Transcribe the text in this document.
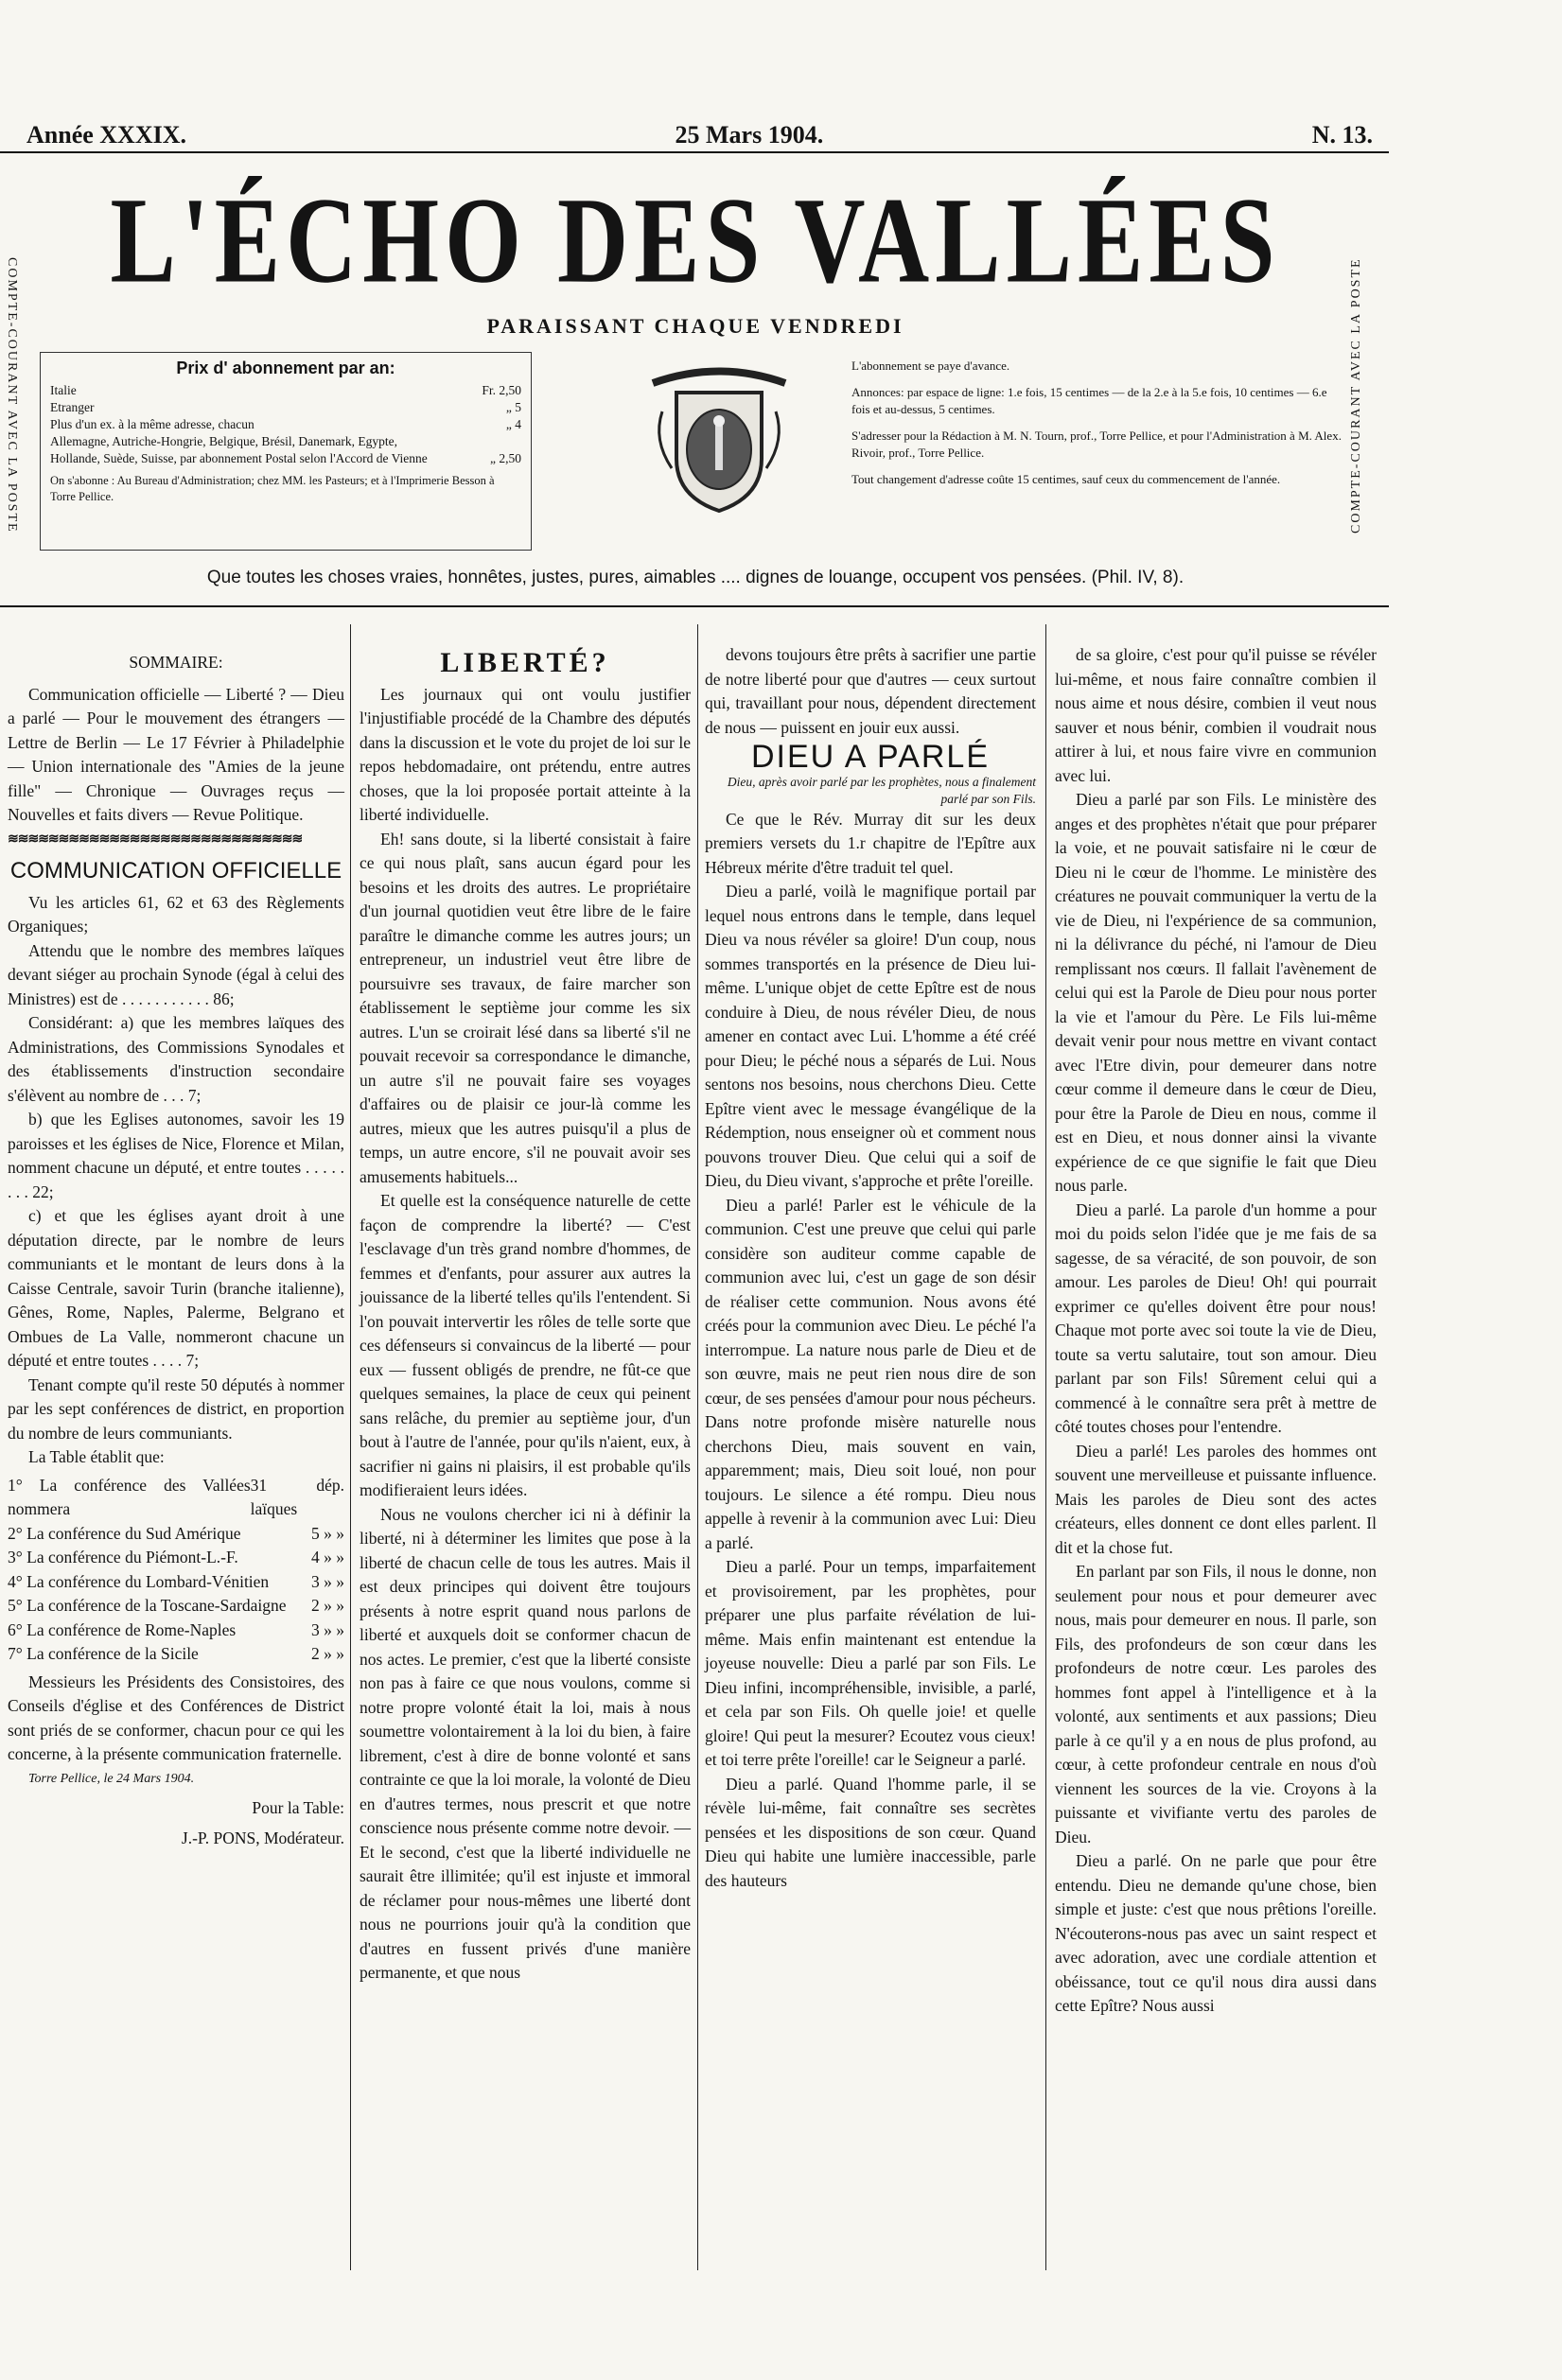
Année XXXIX.	25 Mars 1904.	N. 13.
COMPTE-COURANT AVEC LA POSTE	COMPTE-COURANT AVEC LA POSTE
L'ÉCHO DES VALLÉES
PARAISSANT CHAQUE VENDREDI
Prix d' abonnement par an:
Italie	Fr. 2,50
Etranger	„ 5
Plus d'un ex. à la même adresse, chacun	„ 4
Allemagne, Autriche-Hongrie, Belgique, Brésil, Danemark, Egypte, Hollande, Suède, Suisse, par abonnement Postal selon l'Accord de Vienne	„ 2,50
On s'abonne : Au Bureau d'Administration; chez MM. les Pasteurs; et à l'Imprimerie Besson à Torre Pellice.

L'abonnement se paye d'avance.

Annonces: par espace de ligne: 1.e fois, 15 centimes — de la 2.e à la 5.e fois, 10 centimes — 6.e fois et au-dessus, 5 centimes.

S'adresser pour la Rédaction à M. N. Tourn, prof., Torre Pellice, et pour l'Administration à M. Alex. Rivoir, prof., Torre Pellice.

Tout changement d'adresse coûte 15 centimes, sauf ceux du commencement de l'année.

Que toutes les choses vraies, honnêtes, justes, pures, aimables .... dignes de louange, occupent vos pensées. (Phil. IV, 8).
SOMMAIRE:

Communication officielle — Liberté ? — Dieu a parlé — Pour le mouvement des étrangers — Lettre de Berlin — Le 17 Février à Philadelphie — Union internationale des "Amies de la jeune fille" — Chronique — Ouvrages reçus — Nouvelles et faits divers — Revue Politique.

≋≋≋≋≋≋≋≋≋≋≋≋≋≋≋≋≋≋≋≋≋≋≋≋≋≋≋≋≋
COMMUNICATION OFFICIELLE

Vu les articles 61, 62 et 63 des Règlements Organiques;

Attendu que le nombre des membres laïques devant siéger au prochain Synode (égal à celui des Ministres) est de . . . . . . . . . . . 86;

Considérant: a) que les membres laïques des Administrations, des Commissions Synodales et des établissements d'instruction secondaire s'élèvent au nombre de . . . 7;

b) que les Eglises autonomes, savoir les 19 paroisses et les églises de Nice, Florence et Milan, nomment chacune un député, et entre toutes . . . . . . . . 22;

c) et que les églises ayant droit à une députation directe, par le nombre de leurs communiants et le montant de leurs dons à la Caisse Centrale, savoir Turin (branche italienne), Gênes, Rome, Naples, Palerme, Belgrano et Ombues de La Valle, nommeront chacune un député et entre toutes . . . . 7;

Tenant compte qu'il reste 50 députés à nommer par les sept conférences de district, en proportion du nombre de leurs communiants.

La Table établit que:

1° La conférence des Vallées nommera
31 dép. laïques
2° La conférence du Sud Amérique	5 » »
3° La conférence du Piémont-L.-F.	4 » »
4° La conférence du Lombard-Vénitien	3 » »
5° La conférence de la Toscane-Sardaigne 2 » »
6° La conférence de Rome-Naples	3 » »
7° La conférence de la Sicile	2 » »

Messieurs les Présidents des Consistoires, des Conseils d'église et des Conférences de District sont priés de se conformer, chacun pour ce qui les concerne, à la présente communication fraternelle.

Torre Pellice, le 24 Mars 1904.

Pour la Table:
J.-P. PONS, Modérateur.
LIBERTÉ?

Les journaux qui ont voulu justifier l'injustifiable procédé de la Chambre des députés dans la discussion et le vote du projet de loi sur le repos hebdomadaire, ont prétendu, entre autres choses, que la loi proposée portait atteinte à la liberté individuelle.

Eh! sans doute, si la liberté consistait à faire ce qui nous plaît, sans aucun égard pour les besoins et les droits des autres. Le propriétaire d'un journal quotidien veut être libre de le faire paraître le dimanche comme les autres jours; un entrepreneur, un industriel veut être libre de poursuivre ses travaux, de faire marcher son établissement le septième jour comme les six autres. L'un se croirait lésé dans sa liberté s'il ne pouvait recevoir sa correspondance le dimanche, un autre s'il ne pouvait faire ses voyages d'affaires ou de plaisir ce jour-là comme les autres, mieux que les autres puisqu'il a plus de temps, un autre encore, s'il ne pouvait avoir ses amusements habituels...

Et quelle est la conséquence naturelle de cette façon de comprendre la liberté? — C'est l'esclavage d'un très grand nombre d'hommes, de femmes et d'enfants, pour assurer aux autres la jouissance de la liberté telles qu'ils l'entendent. Si l'on pouvait intervertir les rôles de telle sorte que ces défenseurs si convaincus de la liberté — pour eux — fussent obligés de prendre, ne fût-ce que quelques semaines, la place de ceux qui peinent sans relâche, du premier au septième jour, d'un bout à l'autre de l'année, pour qu'ils n'aient, eux, à sacrifier ni gains ni plaisirs, il est probable qu'ils modifieraient leurs idées.

Nous ne voulons chercher ici ni à définir la liberté, ni à déterminer les limites que pose à la liberté de chacun celle de tous les autres. Mais il est deux principes qui doivent être toujours présents à notre esprit quand nous parlons de liberté et auxquels doit se conformer chacun de nos actes. Le premier, c'est que la liberté consiste non pas à faire ce que nous voulons, comme si notre propre volonté était la loi, mais à nous soumettre volontairement à la loi du bien, à faire librement, c'est à dire de bonne volonté et sans contrainte ce que la loi morale, la volonté de Dieu en d'autres termes, nous prescrit et que notre conscience nous présente comme notre devoir. — Et le second, c'est que la liberté individuelle ne saurait être illimitée; qu'il est injuste et immoral de réclamer pour nous-mêmes une liberté dont nous ne pourrions jouir qu'à la condition que d'autres en fussent privés d'une manière permanente, et que nous

devons toujours être prêts à sacrifier une partie de notre liberté pour que d'autres — ceux surtout qui, travaillant pour nous, dépendent directement de nous — puissent en jouir eux aussi.

DIEU A PARLÉ
Dieu, après avoir parlé par les prophètes, nous a finalement parlé par son Fils.

Ce que le Rév. Murray dit sur les deux premiers versets du 1.r chapitre de l'Epître aux Hébreux mérite d'être traduit tel quel.

Dieu a parlé, voilà le magnifique portail par lequel nous entrons dans le temple, dans lequel Dieu va nous révéler sa gloire! D'un coup, nous sommes transportés en la présence de Dieu lui-même. L'unique objet de cette Epître est de nous conduire à Dieu, de nous révéler Dieu, de nous amener en contact avec Lui. L'homme a été créé pour Dieu; le péché nous a séparés de Lui. Nous sentons nos besoins, nous cherchons Dieu. Cette Epître vient avec le message évangélique de la Rédemption, nous enseigner où et comment nous pouvons trouver Dieu. Que celui qui a soif de Dieu, du Dieu vivant, s'approche et prête l'oreille.

Dieu a parlé! Parler est le véhicule de la communion. C'est une preuve que celui qui parle considère son auditeur comme capable de communion avec lui, c'est un gage de son désir de réaliser cette communion. Nous avons été créés pour la communion avec Dieu. Le péché l'a interrompue. La nature nous parle de Dieu et de son œuvre, mais ne peut rien nous dire de son cœur, de ses pensées d'amour pour nous pécheurs. Dans notre profonde misère naturelle nous cherchons Dieu, mais souvent en vain, apparemment; mais, Dieu soit loué, non pour toujours. Le silence a été rompu. Dieu nous appelle à revenir à la communion avec Lui: Dieu a parlé.

Dieu a parlé. Pour un temps, imparfaitement et provisoirement, par les prophètes, pour préparer une plus parfaite révélation de lui-même. Mais enfin maintenant est entendue la joyeuse nouvelle: Dieu a parlé par son Fils. Le Dieu infini, incompréhensible, invisible, a parlé, et cela par son Fils. Oh quelle joie! et quelle gloire! Qui peut la mesurer? Ecoutez vous cieux! et toi terre prête l'oreille! car le Seigneur a parlé.

Dieu a parlé. Quand l'homme parle, il se révèle lui-même, fait connaître ses secrètes pensées et les dispositions de son cœur. Quand Dieu qui habite une lumière inaccessible, parle des hauteurs

de sa gloire, c'est pour qu'il puisse se révéler lui-même, et nous faire connaître combien il nous aime et nous désire, combien il veut nous sauver et nous bénir, combien il voudrait nous attirer à lui, et nous faire vivre en communion avec lui.

Dieu a parlé par son Fils. Le ministère des anges et des prophètes n'était que pour préparer la voie, et ne pouvait satisfaire ni le cœur de Dieu ni le cœur de l'homme. Le ministère des créatures ne pouvait communiquer la vertu de la vie de Dieu, ni l'expérience de sa communion, ni la délivrance du péché, ni l'amour de Dieu remplissant nos cœurs. Il fallait l'avènement de celui qui est la Parole de Dieu pour nous porter la vie et l'amour du Père. Le Fils lui-même devait venir pour nous mettre en vivant contact avec l'Etre divin, pour demeurer dans notre cœur comme il demeure dans le cœur de Dieu, pour être la Parole de Dieu en nous, comme il est en Dieu, et nous donner ainsi la vivante expérience de ce que signifie le fait que Dieu nous parle.

Dieu a parlé. La parole d'un homme a pour moi du poids selon l'idée que je me fais de sa sagesse, de sa véracité, de son pouvoir, de son amour. Les paroles de Dieu! Oh! qui pourrait exprimer ce qu'elles doivent être pour nous! Chaque mot porte avec soi toute la vie de Dieu, toute sa vertu salutaire, tout son amour. Dieu parlant par son Fils! Sûrement celui qui a commencé à le connaître sera prêt à mettre de côté toutes choses pour l'entendre.

Dieu a parlé! Les paroles des hommes ont souvent une merveilleuse et puissante influence. Mais les paroles de Dieu sont des actes créateurs, elles donnent ce dont elles parlent. Il dit et la chose fut.

En parlant par son Fils, il nous le donne, non seulement pour nous et pour demeurer avec nous, mais pour demeurer en nous. Il parle, son Fils, des profondeurs de son cœur dans les profondeurs de notre cœur. Les paroles des hommes font appel à l'intelligence et à la volonté, aux sentiments et aux passions; Dieu parle à ce qu'il y a en nous de plus profond, au cœur, à cette profondeur centrale en nous d'où viennent les sources de la vie. Croyons à la puissante et vivifiante vertu des paroles de Dieu.

Dieu a parlé. On ne parle que pour être entendu. Dieu ne demande qu'une chose, bien simple et juste: c'est que nous prêtions l'oreille. N'écouterons-nous pas avec un saint respect et avec adoration, avec une cordiale attention et obéissance, tout ce qu'il nous dira aussi dans cette Epître? Nous aussi
